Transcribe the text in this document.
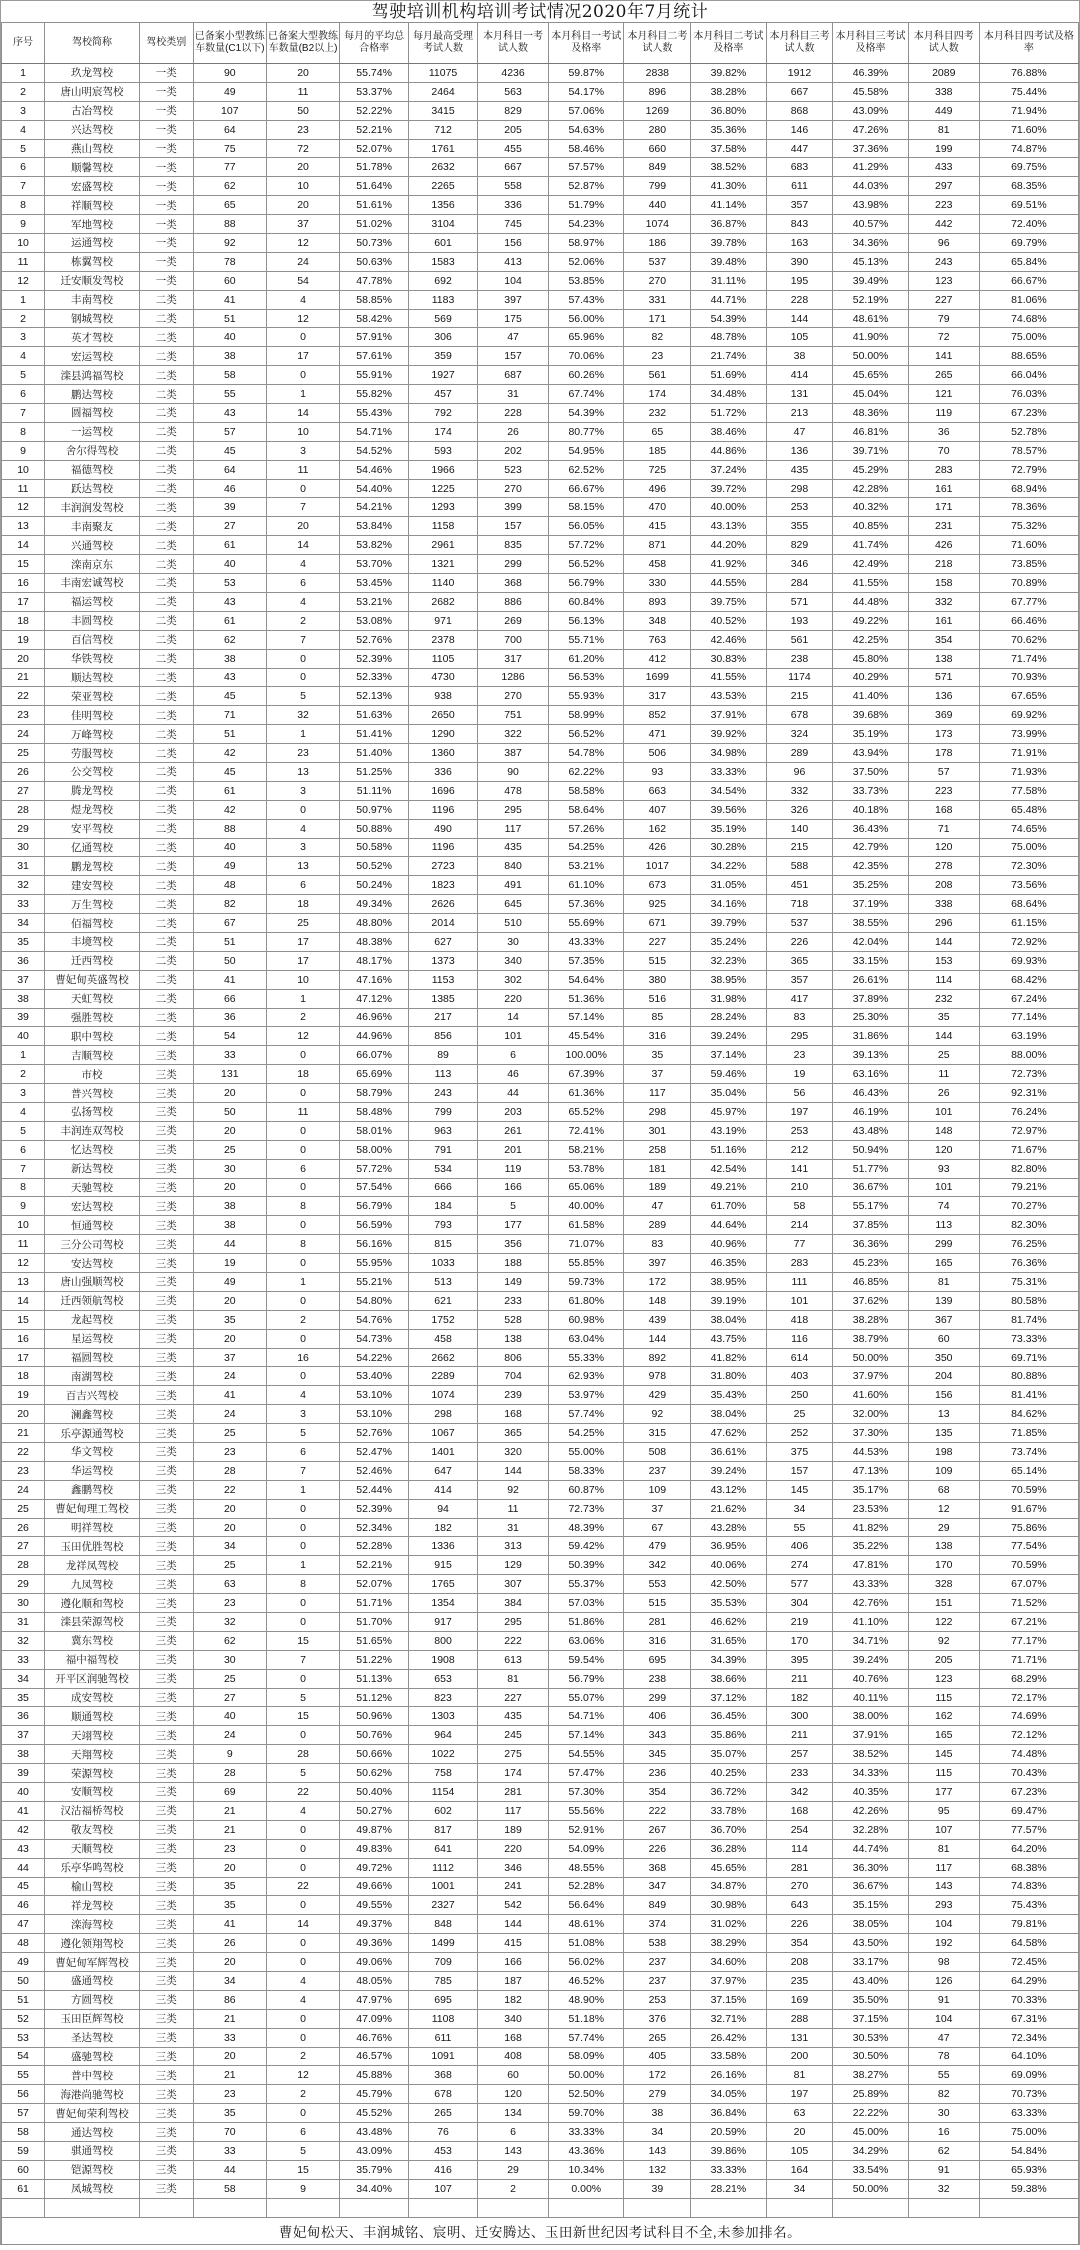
驾驶培训机构培训考试情况2020年7月统计
序号	驾校简称	驾校类别	已备案小型教练车数量(C1以下)	已备案大型教练车数量(B2以上)	每月的平均总合格率	每月最高受理考试人数	本月科目一考试人数	本月科目一考试及格率	本月科目二考试人数	本月科目二考试及格率	本月科目三考试人数	本月科目三考试及格率	本月科目四考试人数	本月科目四考试及格率
1	玖龙驾校	一类	90	20	55.74%	11075	4236	59.87%	2838	39.82%	1912	46.39%	2089	76.88%
2	唐山明宸驾校	一类	49	11	53.37%	2464	563	54.17%	896	38.28%	667	45.58%	338	75.44%
3	古冶驾校	一类	107	50	52.22%	3415	829	57.06%	1269	36.80%	868	43.09%	449	71.94%
4	兴达驾校	一类	64	23	52.21%	712	205	54.63%	280	35.36%	146	47.26%	81	71.60%
5	燕山驾校	一类	75	72	52.07%	1761	455	58.46%	660	37.58%	447	37.36%	199	74.87%
6	顺馨驾校	一类	77	20	51.78%	2632	667	57.57%	849	38.52%	683	41.29%	433	69.75%
7	宏盛驾校	一类	62	10	51.64%	2265	558	52.87%	799	41.30%	611	44.03%	297	68.35%
8	祥顺驾校	一类	65	20	51.61%	1356	336	51.79%	440	41.14%	357	43.98%	223	69.51%
9	军地驾校	一类	88	37	51.02%	3104	745	54.23%	1074	36.87%	843	40.57%	442	72.40%
10	运通驾校	一类	92	12	50.73%	601	156	58.97%	186	39.78%	163	34.36%	96	69.79%
11	栋翼驾校	一类	78	24	50.63%	1583	413	52.06%	537	39.48%	390	45.13%	243	65.84%
12	迁安顺发驾校	一类	60	54	47.78%	692	104	53.85%	270	31.11%	195	39.49%	123	66.67%
1	丰南驾校	二类	41	4	58.85%	1183	397	57.43%	331	44.71%	228	52.19%	227	81.06%
2	钢城驾校	二类	51	12	58.42%	569	175	56.00%	171	54.39%	144	48.61%	79	74.68%
3	英才驾校	二类	40	0	57.91%	306	47	65.96%	82	48.78%	105	41.90%	72	75.00%
4	宏运驾校	二类	38	17	57.61%	359	157	70.06%	23	21.74%	38	50.00%	141	88.65%
5	滦县鸿福驾校	二类	58	0	55.91%	1927	687	60.26%	561	51.69%	414	45.65%	265	66.04%
6	鹏达驾校	二类	55	1	55.82%	457	31	67.74%	174	34.48%	131	45.04%	121	76.03%
7	圆福驾校	二类	43	14	55.43%	792	228	54.39%	232	51.72%	213	48.36%	119	67.23%
8	一运驾校	二类	57	10	54.71%	174	26	80.77%	65	38.46%	47	46.81%	36	52.78%
9	舍尔得驾校	二类	45	3	54.52%	593	202	54.95%	185	44.86%	136	39.71%	70	78.57%
10	福德驾校	二类	64	11	54.46%	1966	523	62.52%	725	37.24%	435	45.29%	283	72.79%
11	跃达驾校	二类	46	0	54.40%	1225	270	66.67%	496	39.72%	298	42.28%	161	68.94%
12	丰润润发驾校	二类	39	7	54.21%	1293	399	58.15%	470	40.00%	253	40.32%	171	78.36%
13	丰南聚友	二类	27	20	53.84%	1158	157	56.05%	415	43.13%	355	40.85%	231	75.32%
14	兴通驾校	二类	61	14	53.82%	2961	835	57.72%	871	44.20%	829	41.74%	426	71.60%
15	滦南京东	二类	40	4	53.70%	1321	299	56.52%	458	41.92%	346	42.49%	218	73.85%
16	丰南宏诚驾校	二类	53	6	53.45%	1140	368	56.79%	330	44.55%	284	41.55%	158	70.89%
17	福运驾校	二类	43	4	53.21%	2682	886	60.84%	893	39.75%	571	44.48%	332	67.77%
18	丰圆驾校	二类	61	2	53.08%	971	269	56.13%	348	40.52%	193	49.22%	161	66.46%
19	百信驾校	二类	62	7	52.76%	2378	700	55.71%	763	42.46%	561	42.25%	354	70.62%
20	华铁驾校	二类	38	0	52.39%	1105	317	61.20%	412	30.83%	238	45.80%	138	71.74%
21	顺达驾校	二类	43	0	52.33%	4730	1286	56.53%	1699	41.55%	1174	40.29%	571	70.93%
22	荣亚驾校	二类	45	5	52.13%	938	270	55.93%	317	43.53%	215	41.40%	136	67.65%
23	佳明驾校	二类	71	32	51.63%	2650	751	58.99%	852	37.91%	678	39.68%	369	69.92%
24	万峰驾校	二类	51	1	51.41%	1290	322	56.52%	471	39.92%	324	35.19%	173	73.99%
25	劳服驾校	二类	42	23	51.40%	1360	387	54.78%	506	34.98%	289	43.94%	178	71.91%
26	公交驾校	二类	45	13	51.25%	336	90	62.22%	93	33.33%	96	37.50%	57	71.93%
27	腾龙驾校	二类	61	3	51.11%	1696	478	58.58%	663	34.54%	332	33.73%	223	77.58%
28	煜龙驾校	二类	42	0	50.97%	1196	295	58.64%	407	39.56%	326	40.18%	168	65.48%
29	安平驾校	二类	88	4	50.88%	490	117	57.26%	162	35.19%	140	36.43%	71	74.65%
30	亿通驾校	二类	40	3	50.58%	1196	435	54.25%	426	30.28%	215	42.79%	120	75.00%
31	鹏龙驾校	二类	49	13	50.52%	2723	840	53.21%	1017	34.22%	588	42.35%	278	72.30%
32	建安驾校	二类	48	6	50.24%	1823	491	61.10%	673	31.05%	451	35.25%	208	73.56%
33	万生驾校	二类	82	18	49.34%	2626	645	57.36%	925	34.16%	718	37.19%	338	68.64%
34	佰福驾校	二类	67	25	48.80%	2014	510	55.69%	671	39.79%	537	38.55%	296	61.15%
35	丰境驾校	二类	51	17	48.38%	627	30	43.33%	227	35.24%	226	42.04%	144	72.92%
36	迁西驾校	二类	50	17	48.17%	1373	340	57.35%	515	32.23%	365	33.15%	153	69.93%
37	曹妃甸英盛驾校	二类	41	10	47.16%	1153	302	54.64%	380	38.95%	357	26.61%	114	68.42%
38	天虹驾校	二类	66	1	47.12%	1385	220	51.36%	516	31.98%	417	37.89%	232	67.24%
39	强胜驾校	二类	36	2	46.96%	217	14	57.14%	85	28.24%	83	25.30%	35	77.14%
40	职中驾校	二类	54	12	44.96%	856	101	45.54%	316	39.24%	295	31.86%	144	63.19%
1	吉顺驾校	三类	33	0	66.07%	89	6	100.00%	35	37.14%	23	39.13%	25	88.00%
2	市校	三类	131	18	65.69%	113	46	67.39%	37	59.46%	19	63.16%	11	72.73%
3	普兴驾校	三类	20	0	58.79%	243	44	61.36%	117	35.04%	56	46.43%	26	92.31%
4	弘扬驾校	三类	50	11	58.48%	799	203	65.52%	298	45.97%	197	46.19%	101	76.24%
5	丰润连双驾校	三类	20	0	58.01%	963	261	72.41%	301	43.19%	253	43.48%	148	72.97%
6	忆达驾校	三类	25	0	58.00%	791	201	58.21%	258	51.16%	212	50.94%	120	71.67%
7	新达驾校	三类	30	6	57.72%	534	119	53.78%	181	42.54%	141	51.77%	93	82.80%
8	天驰驾校	三类	20	0	57.54%	666	166	65.06%	189	49.21%	210	36.67%	101	79.21%
9	宏达驾校	三类	38	8	56.79%	184	5	40.00%	47	61.70%	58	55.17%	74	70.27%
10	恒通驾校	三类	38	0	56.59%	793	177	61.58%	289	44.64%	214	37.85%	113	82.30%
11	三分公司驾校	三类	44	8	56.16%	815	356	71.07%	83	40.96%	77	36.36%	299	76.25%
12	安达驾校	三类	19	0	55.95%	1033	188	55.85%	397	46.35%	283	45.23%	165	76.36%
13	唐山强顺驾校	三类	49	1	55.21%	513	149	59.73%	172	38.95%	111	46.85%	81	75.31%
14	迁西领航驾校	三类	20	0	54.80%	621	233	61.80%	148	39.19%	101	37.62%	139	80.58%
15	龙起驾校	三类	35	2	54.76%	1752	528	60.98%	439	38.04%	418	38.28%	367	81.74%
16	星运驾校	三类	20	0	54.73%	458	138	63.04%	144	43.75%	116	38.79%	60	73.33%
17	福圆驾校	三类	37	16	54.22%	2662	806	55.33%	892	41.82%	614	50.00%	350	69.71%
18	南湖驾校	三类	24	0	53.40%	2289	704	62.93%	978	31.80%	403	37.97%	204	80.88%
19	百吉兴驾校	三类	41	4	53.10%	1074	239	53.97%	429	35.43%	250	41.60%	156	81.41%
20	澜鑫驾校	三类	24	3	53.10%	298	168	57.74%	92	38.04%	25	32.00%	13	84.62%
21	乐亭源通驾校	三类	25	5	52.76%	1067	365	54.25%	315	47.62%	252	37.30%	135	71.85%
22	华文驾校	三类	23	6	52.47%	1401	320	55.00%	508	36.61%	375	44.53%	198	73.74%
23	华运驾校	三类	28	7	52.46%	647	144	58.33%	237	39.24%	157	47.13%	109	65.14%
24	鑫鹏驾校	三类	22	1	52.44%	414	92	60.87%	109	43.12%	145	35.17%	68	70.59%
25	曹妃甸理工驾校	三类	20	0	52.39%	94	11	72.73%	37	21.62%	34	23.53%	12	91.67%
26	明祥驾校	三类	20	0	52.34%	182	31	48.39%	67	43.28%	55	41.82%	29	75.86%
27	玉田优胜驾校	三类	34	0	52.28%	1336	313	59.42%	479	36.95%	406	35.22%	138	77.54%
28	龙祥凤驾校	三类	25	1	52.21%	915	129	50.39%	342	40.06%	274	47.81%	170	70.59%
29	九凤驾校	三类	63	8	52.07%	1765	307	55.37%	553	42.50%	577	43.33%	328	67.07%
30	遵化顺和驾校	三类	23	0	51.71%	1354	384	57.03%	515	35.53%	304	42.76%	151	71.52%
31	滦县荣源驾校	三类	32	0	51.70%	917	295	51.86%	281	46.62%	219	41.10%	122	67.21%
32	冀东驾校	三类	62	15	51.65%	800	222	63.06%	316	31.65%	170	34.71%	92	77.17%
33	福中福驾校	三类	30	7	51.22%	1908	613	59.54%	695	34.39%	395	39.24%	205	71.71%
34	开平区润驰驾校	三类	25	0	51.13%	653	81	56.79%	238	38.66%	211	40.76%	123	68.29%
35	成安驾校	三类	27	5	51.12%	823	227	55.07%	299	37.12%	182	40.11%	115	72.17%
36	顺通驾校	三类	40	15	50.96%	1303	435	54.71%	406	36.45%	300	38.00%	162	74.69%
37	天翊驾校	三类	24	0	50.76%	964	245	57.14%	343	35.86%	211	37.91%	165	72.12%
38	天翔驾校	三类	9	28	50.66%	1022	275	54.55%	345	35.07%	257	38.52%	145	74.48%
39	荣源驾校	三类	28	5	50.62%	758	174	57.47%	236	40.25%	233	34.33%	115	70.43%
40	安顺驾校	三类	69	22	50.40%	1154	281	57.30%	354	36.72%	342	40.35%	177	67.23%
41	汉沽福桥驾校	三类	21	4	50.27%	602	117	55.56%	222	33.78%	168	42.26%	95	69.47%
42	敬友驾校	三类	21	0	49.87%	817	189	52.91%	267	36.70%	254	32.28%	107	77.57%
43	天顺驾校	三类	23	0	49.83%	641	220	54.09%	226	36.28%	114	44.74%	81	64.20%
44	乐亭华鸣驾校	三类	20	0	49.72%	1112	346	48.55%	368	45.65%	281	36.30%	117	68.38%
45	榆山驾校	三类	35	22	49.66%	1001	241	52.28%	347	34.87%	270	36.67%	143	74.83%
46	祥龙驾校	三类	35	0	49.55%	2327	542	56.64%	849	30.98%	643	35.15%	293	75.43%
47	滦海驾校	三类	41	14	49.37%	848	144	48.61%	374	31.02%	226	38.05%	104	79.81%
48	遵化领翔驾校	三类	26	0	49.36%	1499	415	51.08%	538	38.29%	354	43.50%	192	64.58%
49	曹妃甸军辉驾校	三类	20	0	49.06%	709	166	56.02%	237	34.60%	208	33.17%	98	72.45%
50	盛通驾校	三类	34	4	48.05%	785	187	46.52%	237	37.97%	235	43.40%	126	64.29%
51	方圆驾校	三类	86	4	47.97%	695	182	48.90%	253	37.15%	169	35.50%	91	70.33%
52	玉田臣辉驾校	三类	21	0	47.09%	1108	340	51.18%	376	32.71%	288	37.15%	104	67.31%
53	圣达驾校	三类	33	0	46.76%	611	168	57.74%	265	26.42%	131	30.53%	47	72.34%
54	盛驰驾校	三类	20	2	46.57%	1091	408	58.09%	405	33.58%	200	30.50%	78	64.10%
55	普中驾校	三类	21	12	45.88%	368	60	50.00%	172	26.16%	81	38.27%	55	69.09%
56	海港尚驰驾校	三类	23	2	45.79%	678	120	52.50%	279	34.05%	197	25.89%	82	70.73%
57	曹妃甸荣利驾校	三类	35	0	45.52%	265	134	59.70%	38	36.84%	63	22.22%	30	63.33%
58	通达驾校	三类	70	6	43.48%	76	6	33.33%	34	20.59%	20	45.00%	16	75.00%
59	骐通驾校	三类	33	5	43.09%	453	143	43.36%	143	39.86%	105	34.29%	62	54.84%
60	铠源驾校	三类	44	15	35.79%	416	29	10.34%	132	33.33%	164	33.54%	91	65.93%
61	凤城驾校	三类	58	9	34.40%	107	2	0.00%	39	28.21%	34	50.00%	32	59.38%

曹妃甸松天、丰润城铭、宸明、迁安腾达、玉田新世纪因考试科目不全,未参加排名。														
